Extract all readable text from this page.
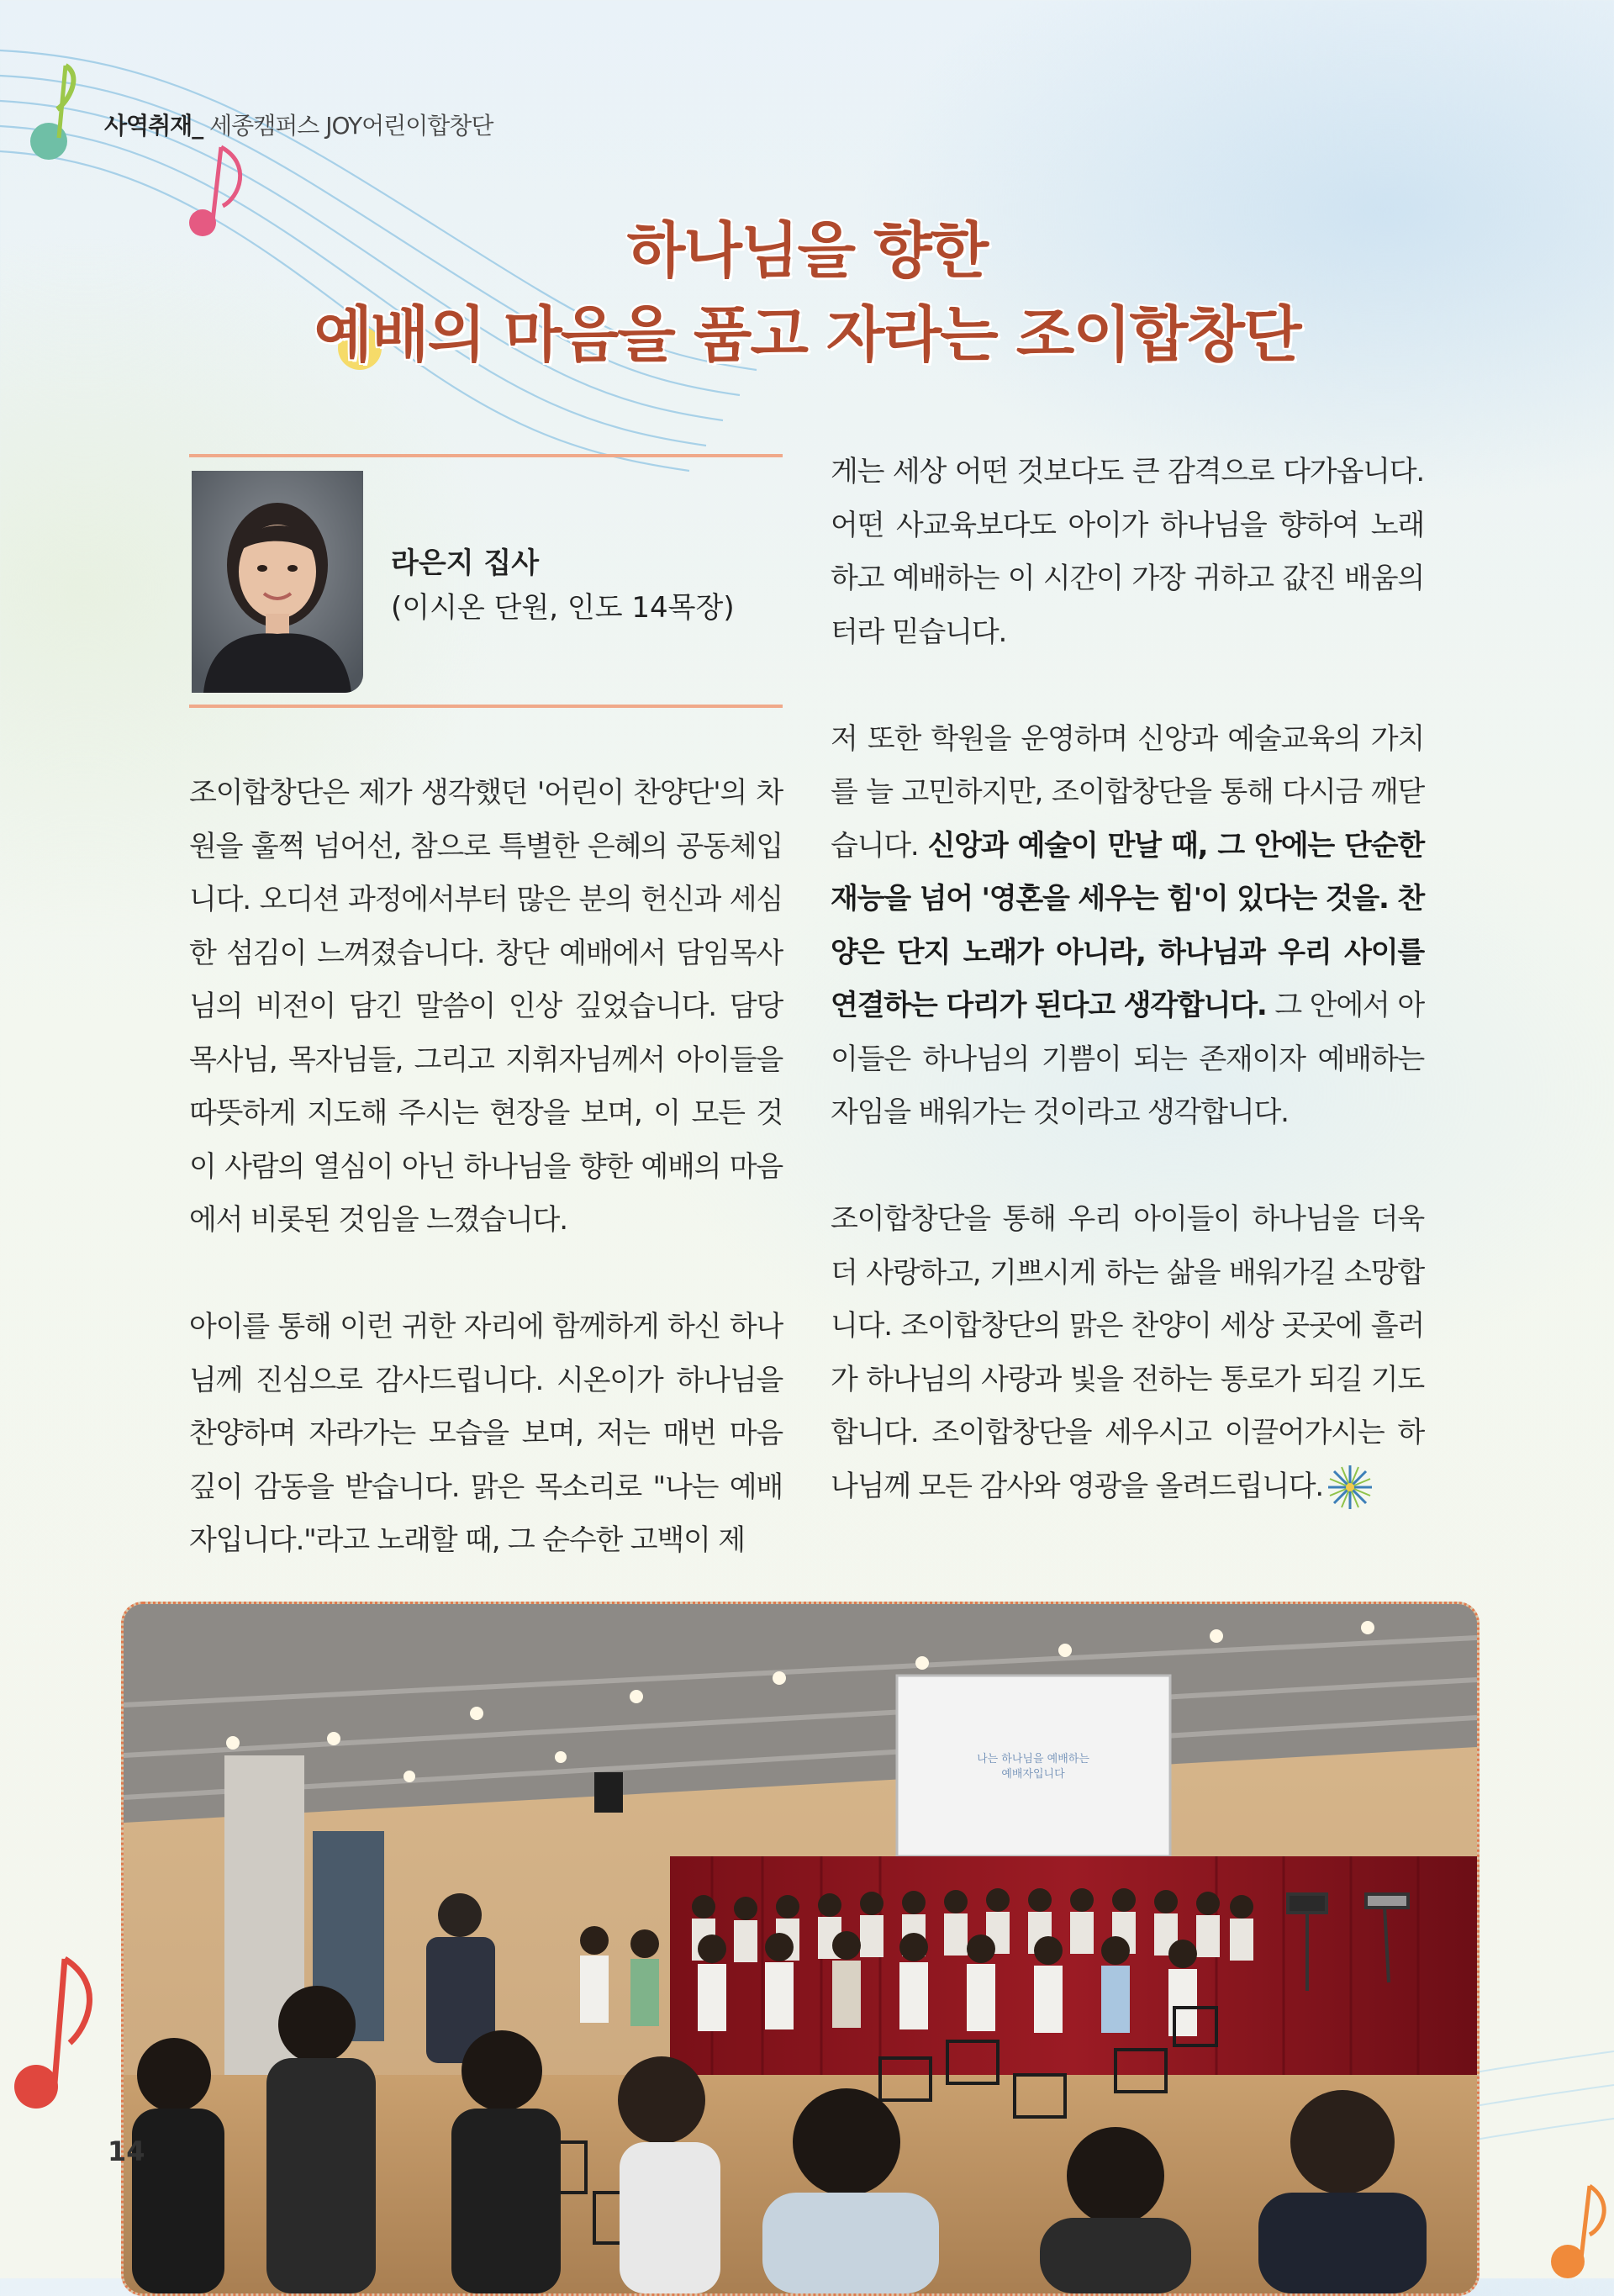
사역취재_ 세종캠퍼스 JOY어린이합창단
하나님을 향한
예배의 마음을 품고 자라는 조이합창단
라은지 집사
(이시온 단원, 인도 14목장)

조이합창단은 제가 생각했던 '어린이 찬양단'의 차원을 훌쩍 넘어선, 참으로 특별한 은혜의 공동체입니다. 오디션 과정에서부터 많은 분의 헌신과 세심한 섬김이 느껴졌습니다. 창단 예배에서 담임목사님의 비전이 담긴 말씀이 인상 깊었습니다. 담당 목사님, 목자님들, 그리고 지휘자님께서 아이들을 따뜻하게 지도해 주시는 현장을 보며, 이 모든 것이 사람의 열심이 아닌 하나님을 향한 예배의 마음에서 비롯된 것임을 느꼈습니다.

아이를 통해 이런 귀한 자리에 함께하게 하신 하나님께 진심으로 감사드립니다. 시온이가 하나님을 찬양하며 자라가는 모습을 보며, 저는 매번 마음 깊이 감동을 받습니다. 맑은 목소리로 "나는 예배자입니다."라고 노래할 때, 그 순수한 고백이 제

게는 세상 어떤 것보다도 큰 감격으로 다가옵니다. 어떤 사교육보다도 아이가 하나님을 향하여 노래하고 예배하는 이 시간이 가장 귀하고 값진 배움의 터라 믿습니다.

저 또한 학원을 운영하며 신앙과 예술교육의 가치를 늘 고민하지만, 조이합창단을 통해 다시금 깨닫습니다. 신앙과 예술이 만날 때, 그 안에는 단순한 재능을 넘어 '영혼을 세우는 힘'이 있다는 것을. 찬양은 단지 노래가 아니라, 하나님과 우리 사이를 연결하는 다리가 된다고 생각합니다. 그 안에서 아이들은 하나님의 기쁨이 되는 존재이자 예배하는 자임을 배워가는 것이라고 생각합니다.

조이합창단을 통해 우리 아이들이 하나님을 더욱 더 사랑하고, 기쁘시게 하는 삶을 배워가길 소망합니다. 조이합창단의 맑은 찬양이 세상 곳곳에 흘러가 하나님의 사랑과 빛을 전하는 통로가 되길 기도합니다. 조이합창단을 세우시고 이끌어가시는 하나님께 모든 감사와 영광을 올려드립니다.

나는 하나님을 예배하는
예배자입니다
14
